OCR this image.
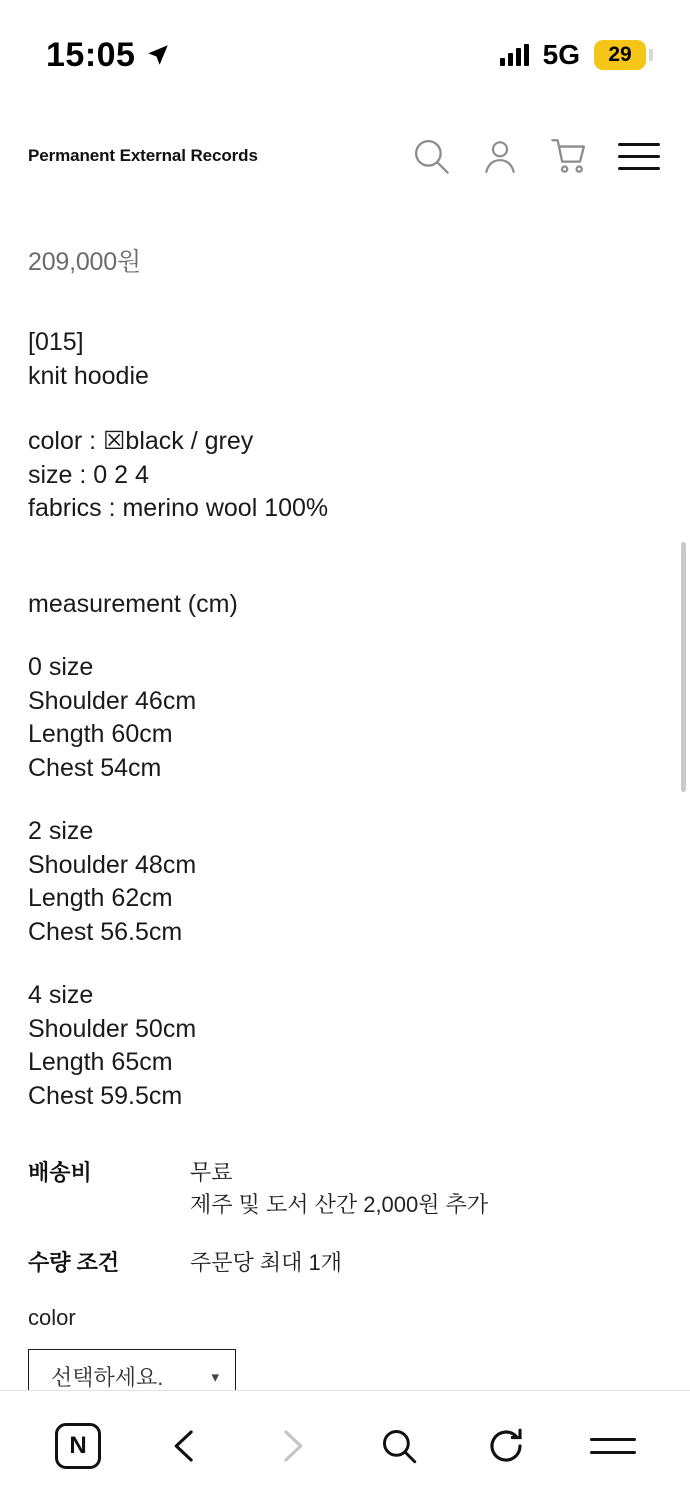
15:05	5G	29
Permanent External Records
209,000원

[015]

knit hoodie

color : ☒black / grey

size : 0 2 4

fabrics : merino wool 100%

measurement (cm)

0 size

Shoulder 46cm

Length 60cm

Chest 54cm

2 size

Shoulder 48cm

Length 62cm

Chest 56.5cm

4 size

Shoulder 50cm

Length 65cm

Chest 59.5cm

배송비	무료

제주 및 도서 산간 2,000원 추가

수량 조건	주문당 최대 1개

color
선택하세요.	▾
N
